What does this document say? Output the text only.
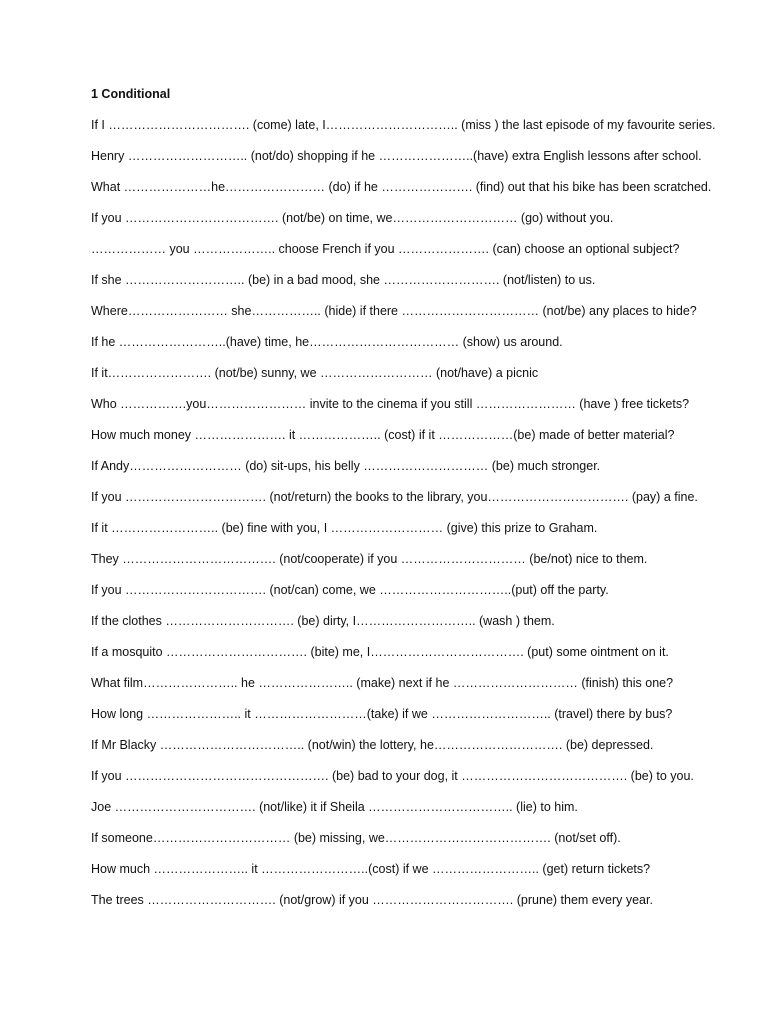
1 Conditional
If I ……………………………. (come) late, I………………………….. (miss ) the last episode of my favourite series.
Henry ……………………….. (not/do) shopping if he …………………..(have) extra English lessons after school.
What …………………he…………………… (do) if he …………………. (find) out that his bike has been scratched.
If you ………………………………. (not/be) on time, we………………………… (go) without you.
……………… you ……………….. choose French if you …………………. (can) choose an optional subject?
If she ……………………….. (be) in a bad mood, she ………………………. (not/listen) to us.
Where…………………… she…………….. (hide) if there …………………………… (not/be) any places to hide?
If he ……………………..(have) time, he……………………………… (show) us around.
If it……………………. (not/be) sunny, we ……………………… (not/have) a picnic
Who …………….you…………………… invite to the cinema if you still …………………… (have ) free tickets?
How much money …………………. it ……………….. (cost) if it ………………(be) made of better material?
If Andy……………………… (do) sit-ups, his belly ………………………… (be) much stronger.
If you ……………………………. (not/return) the books to the library, you……………………………. (pay) a fine.
If it …………………….. (be) fine with you, I ……………………… (give) this prize to Graham.
They ………………………………. (not/cooperate) if you ………………………… (be/not) nice to them.
If you ……………………………. (not/can) come, we …………………………..(put) off the party.
If the clothes …………………………. (be) dirty, I……………………….. (wash ) them.
If a mosquito ……………………………. (bite) me, I………………………………. (put) some ointment on it.
What film………………….. he ………………….. (make) next if he ………………………… (finish) this one?
How long ………………….. it ………………………(take) if we ……………………….. (travel) there by bus?
If Mr Blacky …………………………….. (not/win) the lottery, he…………………………. (be) depressed.
If you …………………………………………. (be) bad to your dog, it …………………………………. (be) to you.
Joe ……………………………. (not/like) it if Sheila …………………………….. (lie) to him.
If someone…………………………… (be) missing, we…………………………………. (not/set off).
How much ………………….. it ……………………..(cost) if we …………………….. (get) return tickets?
The trees …………………………. (not/grow) if you ……………………………. (prune) them every year.
